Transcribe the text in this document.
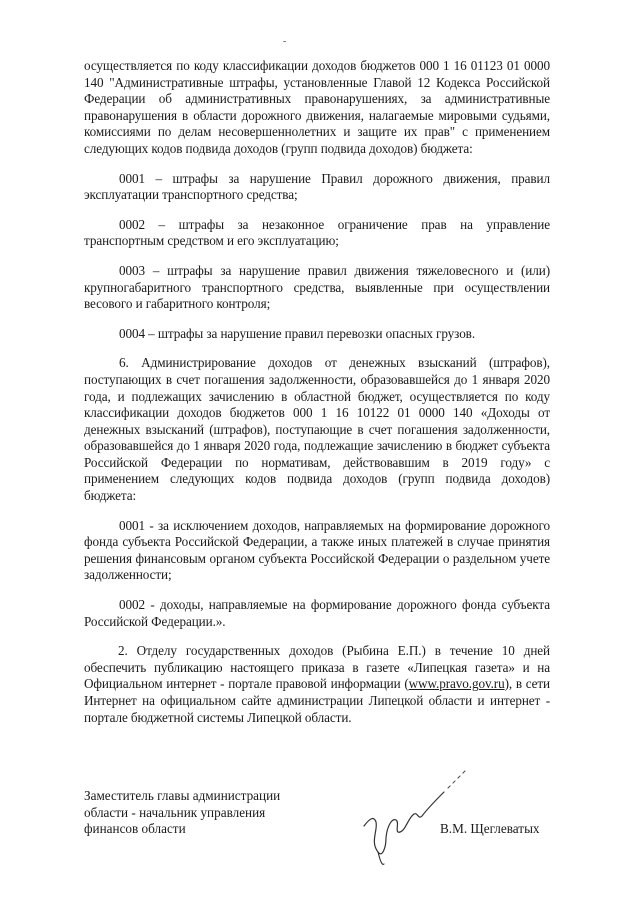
-

осуществляется по коду классификации доходов бюджетов 000 1 16 01123 01 0000 140 "Административные штрафы, установленные Главой 12 Кодекса Российской Федерации об административных правонарушениях, за административные правонарушения в области дорожного движения, налагаемые мировыми судьями, комиссиями по делам несовершеннолетних и защите их прав" с применением следующих кодов подвида доходов (групп подвида доходов) бюджета:

0001 – штрафы за нарушение Правил дорожного движения, правил эксплуатации транспортного средства;

0002 – штрафы за незаконное ограничение прав на управление транспортным средством и его эксплуатацию;

0003 – штрафы за нарушение правил движения тяжеловесного и (или) крупногабаритного транспортного средства, выявленные при осуществлении весового и габаритного контроля;

0004 – штрафы за нарушение правил перевозки опасных грузов.

6. Администрирование доходов от денежных взысканий (штрафов), поступающих в счет погашения задолженности, образовавшейся до 1 января 2020 года, и подлежащих зачислению в областной бюджет, осуществляется по коду классификации доходов бюджетов 000 1 16 10122 01 0000 140 «Доходы от денежных взысканий (штрафов), поступающие в счет погашения задолженности, образовавшейся до 1 января 2020 года, подлежащие зачислению в бюджет субъекта Российской Федерации по нормативам, действовавшим в 2019 году» с применением следующих кодов подвида доходов (групп подвида доходов) бюджета:

0001 - за исключением доходов, направляемых на формирование дорожного фонда субъекта Российской Федерации, а также иных платежей в случае принятия решения финансовым органом субъекта Российской Федерации о раздельном учете задолженности;

0002 - доходы, направляемые на формирование дорожного фонда субъекта Российской Федерации.».

2. Отделу государственных доходов (Рыбина Е.П.) в течение 10 дней обеспечить публикацию настоящего приказа в газете «Липецкая газета» и на Официальном интернет - портале правовой информации (www.pravo.gov.ru), в сети Интернет на официальном сайте администрации Липецкой области и интернет - портале бюджетной системы Липецкой области.

Заместитель главы администрации области - начальник управления финансов области	В.М. Щеглеватых
